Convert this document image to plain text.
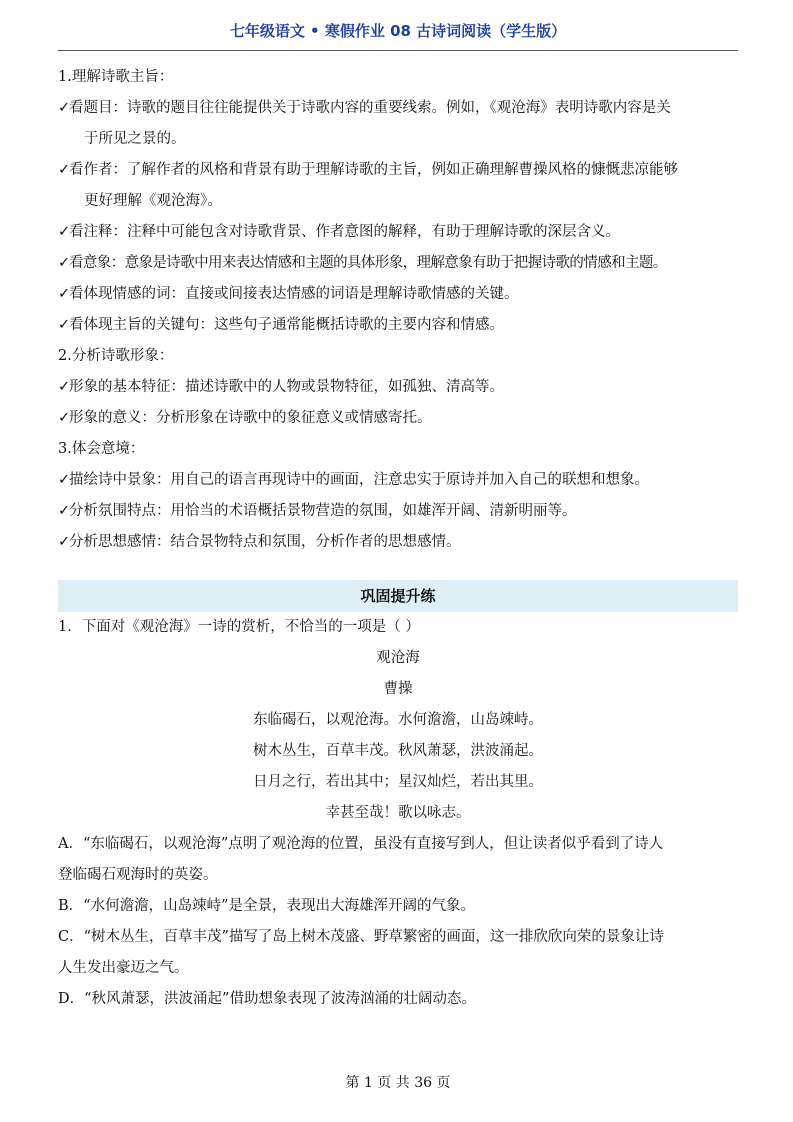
七年级语文 • 寒假作业 08 古诗词阅读（学生版）
1.理解诗歌主旨：
✓看题目：诗歌的题目往往能提供关于诗歌内容的重要线索。例如，《观沧海》表明诗歌内容是关
于所见之景的。
✓看作者：了解作者的风格和背景有助于理解诗歌的主旨，例如正确理解曹操风格的慷慨悲凉能够
更好理解《观沧海》。
✓看注释：注释中可能包含对诗歌背景、作者意图的解释，有助于理解诗歌的深层含义。
✓看意象：意象是诗歌中用来表达情感和主题的具体形象，理解意象有助于把握诗歌的情感和主题。
✓看体现情感的词：直接或间接表达情感的词语是理解诗歌情感的关键。
✓看体现主旨的关键句：这些句子通常能概括诗歌的主要内容和情感。
2.分析诗歌形象：
✓形象的基本特征：描述诗歌中的人物或景物特征，如孤独、清高等。
✓形象的意义：分析形象在诗歌中的象征意义或情感寄托。
3.体会意境：
✓描绘诗中景象：用自己的语言再现诗中的画面，注意忠实于原诗并加入自己的联想和想象。
✓分析氛围特点：用恰当的术语概括景物营造的氛围，如雄浑开阔、清新明丽等。
✓分析思想感情：结合景物特点和氛围，分析作者的思想感情。
巩固提升练
1．下面对《观沧海》一诗的赏析，不恰当的一项是（ ）
观沧海
曹操
东临碣石，以观沧海。水何澹澹，山岛竦峙。
树木丛生，百草丰茂。秋风萧瑟，洪波涌起。
日月之行，若出其中；星汉灿烂，若出其里。
幸甚至哉！歌以咏志。
A．“东临碣石，以观沧海”点明了观沧海的位置，虽没有直接写到人，但让读者似乎看到了诗人
登临碣石观海时的英姿。
B．“水何澹澹，山岛竦峙”是全景，表现出大海雄浑开阔的气象。
C．“树木丛生，百草丰茂”描写了岛上树木茂盛、野草繁密的画面，这一排欣欣向荣的景象让诗
人生发出豪迈之气。
D．“秋风萧瑟，洪波涌起”借助想象表现了波涛汹涌的壮阔动态。
第 1 页 共 36 页
